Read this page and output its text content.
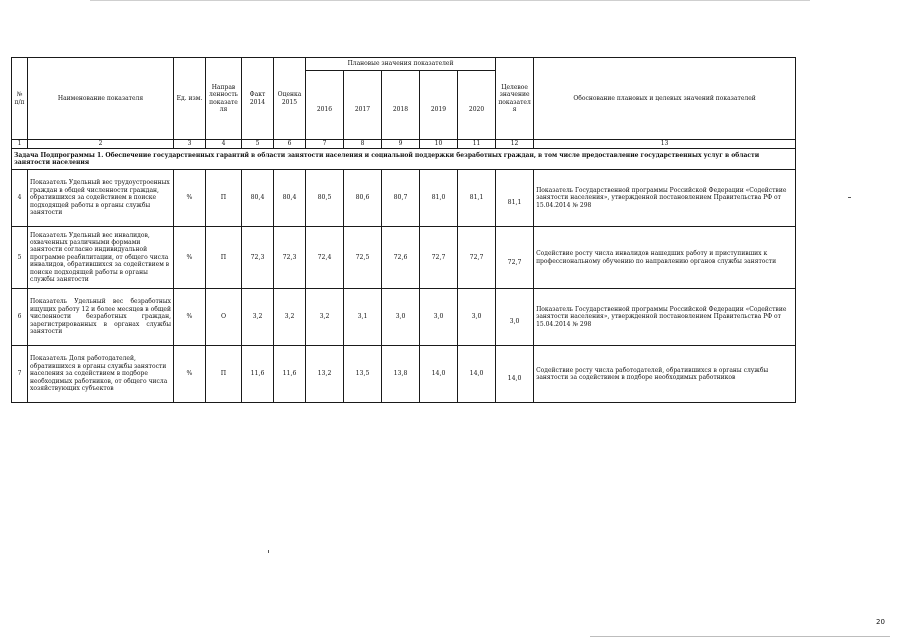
№ п/п	Наименование показателя	Ед. изм.	Направ ленность показателя	Факт 2014	Оценка 2015	Плановые значения показателей					Целевое значение показателя	Обоснование плановых и целевых значений показателей
						2016	2017	2018	2019	2020		
1	2	3	4	5	6	7	8	9	10	11	12	13
Задача Подпрограммы 1. Обеспечение государственных гарантий в области занятости населения и социальной поддержки безработных граждан, в том числе предоставление государственных услуг в области занятости населения												
4	Показатель Удельный вес трудоустроенных граждан в общей численности граждан, обратившихся за содействием в поиске подходящей работы в органы службы занятости	%	П	80,4	80,4	80,5	80,6	80,7	81,0	81,1	81,1	Показатель Государственной программы Российской Федерации «Содействие занятости населения», утвержденной постановлением Правительства РФ от 15.04.2014 № 298
5	Показатель Удельный вес инвалидов, охваченных различными формами занятости согласно индивидуальной программе реабилитации, от общего числа инвалидов, обратившихся за содействием в поиске подходящей работы в органы службы занятости	%	П	72,3	72,3	72,4	72,5	72,6	72,7	72,7	72,7	Содействие росту числа инвалидов нашедших работу и приступивших к профессиональному обучению по направлению органов службы занятости
6	Показатель Удельный вес безработных ищущих работу 12 и более месяцев в общей численности безработных граждан, зарегистрированных в органах службы занятости	%	О	3,2	3,2	3,2	3,1	3,0	3,0	3,0	3,0	Показатель Государственной программы Российской Федерации «Содействие занятости населения», утвержденной постановлением Правительства РФ от 15.04.2014 № 298
7	Показатель Доля работодателей, обратившихся в органы службы занятости населения за содействием в подборе необходимых работников, от общего числа хозяйствующих субъектов	%	П	11,6	11,6	13,2	13,5	13,8	14,0	14,0	14,0	Содействие росту числа работодателей, обратившихся в органы службы занятости за содействием в подборе необходимых работников
20
